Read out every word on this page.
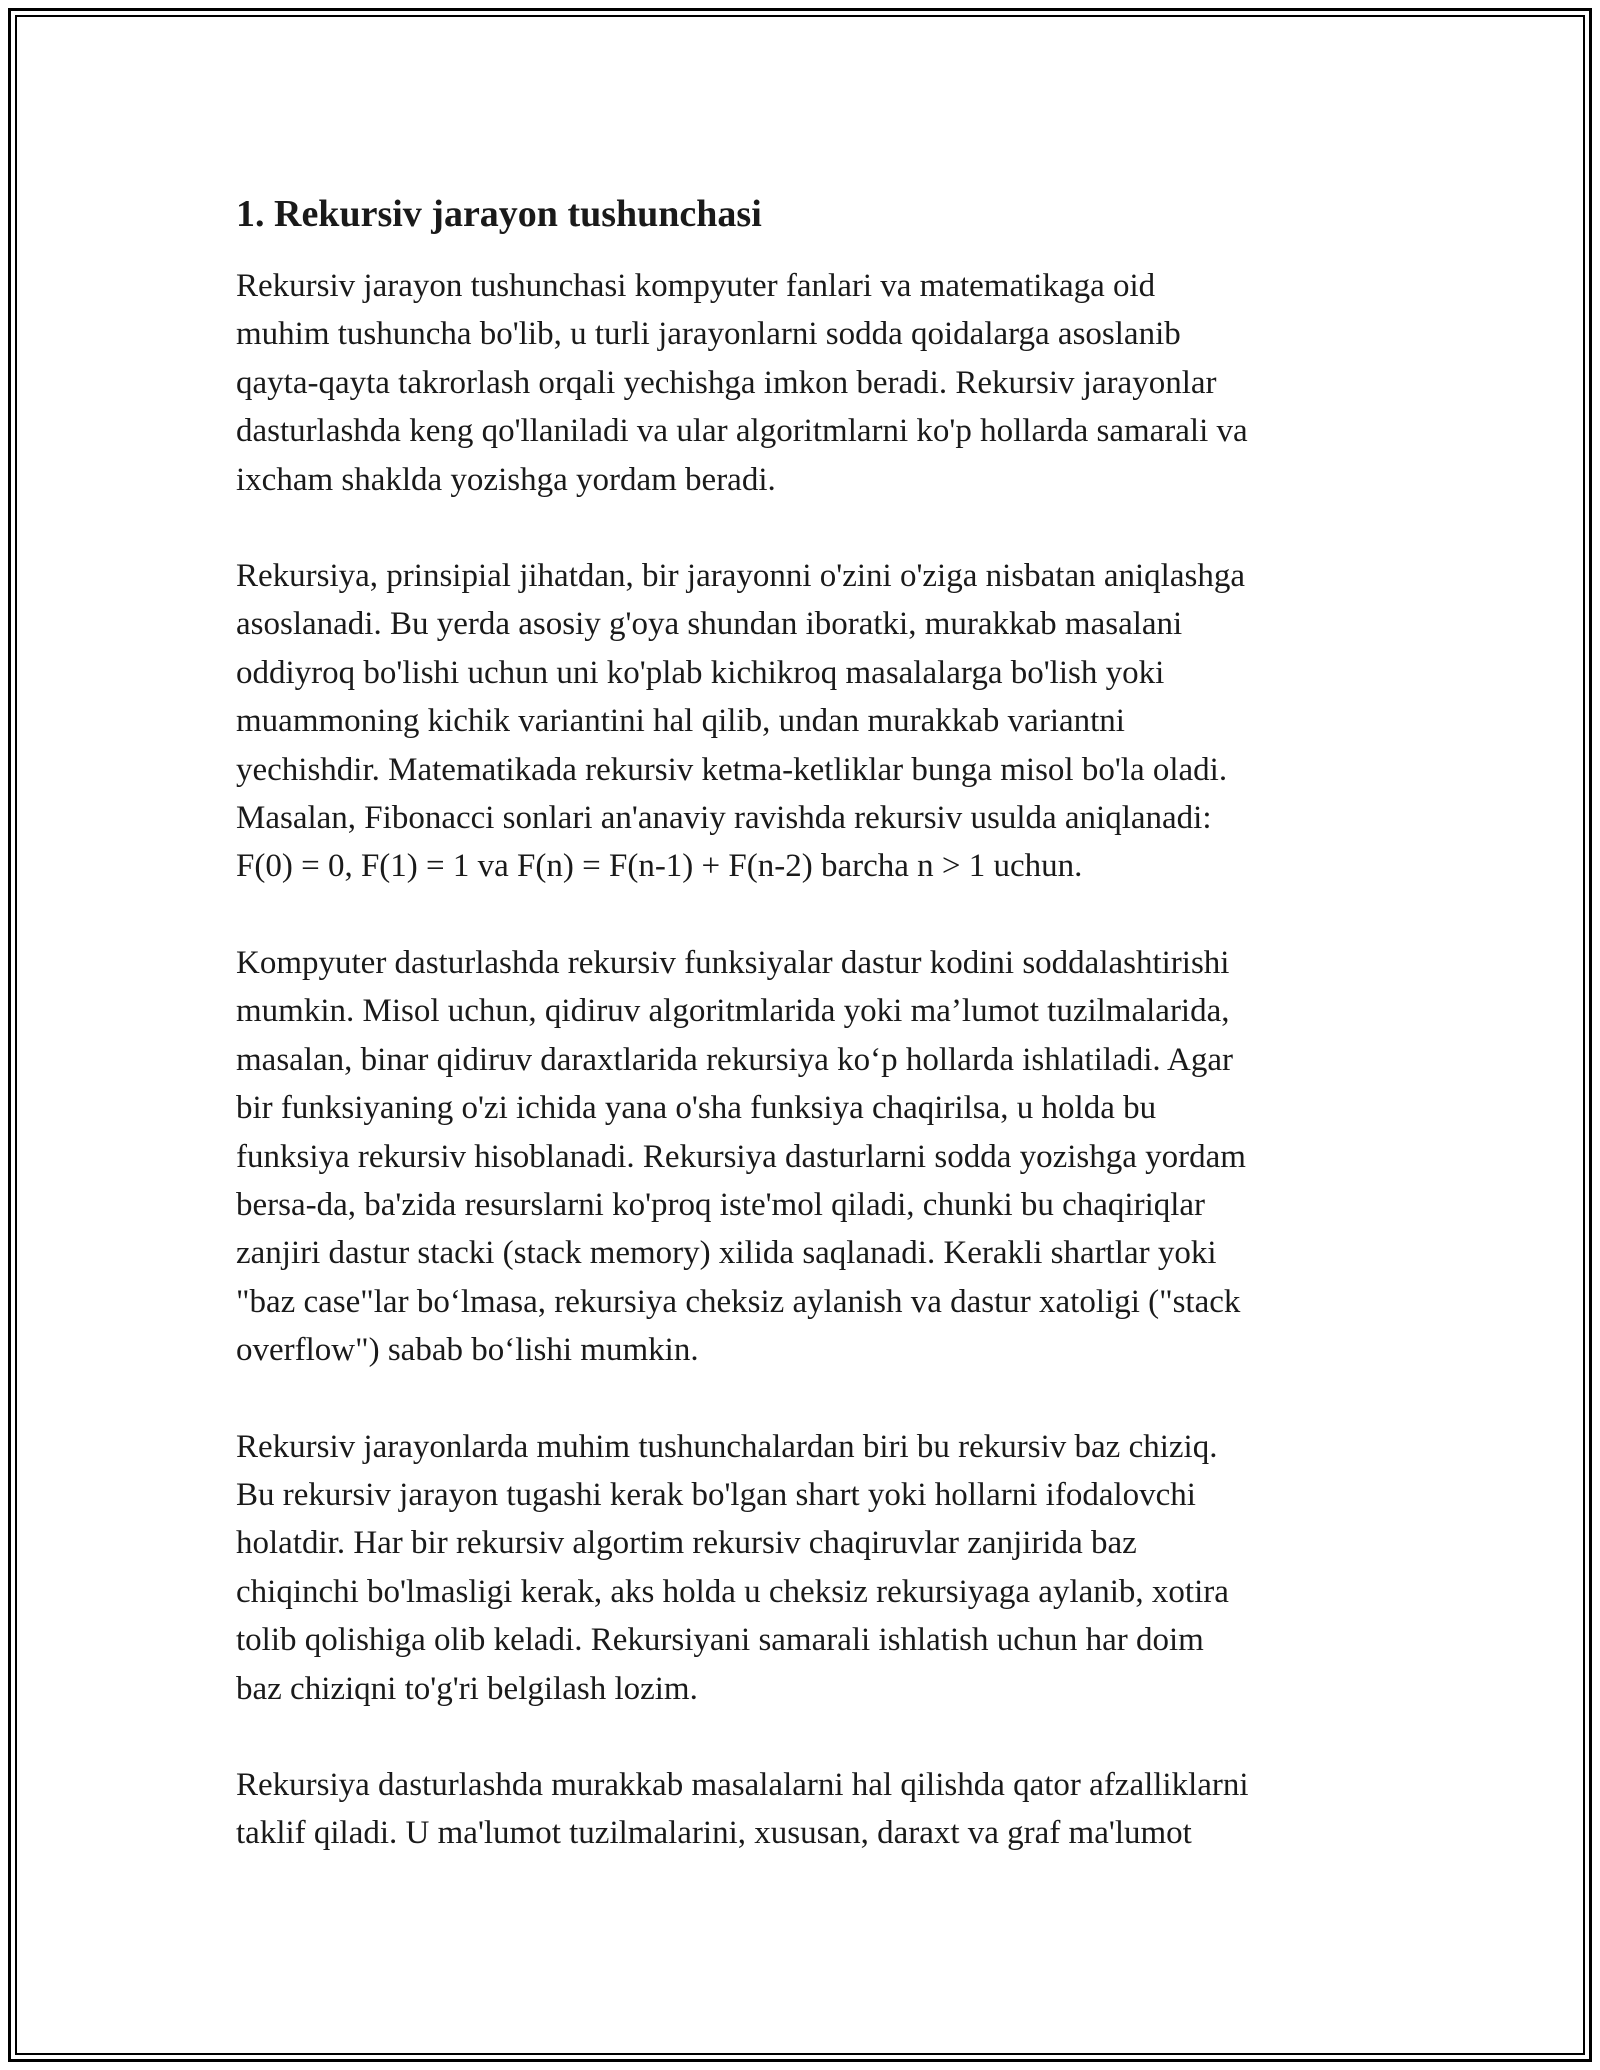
1. Rekursiv jarayon tushunchasi

Rekursiv jarayon tushunchasi kompyuter fanlari va matematikaga oid
muhim tushuncha bo'lib, u turli jarayonlarni sodda qoidalarga asoslanib
qayta-qayta takrorlash orqali yechishga imkon beradi. Rekursiv jarayonlar
dasturlashda keng qo'llaniladi va ular algoritmlarni ko'p hollarda samarali va
ixcham shaklda yozishga yordam beradi.

Rekursiya, prinsipial jihatdan, bir jarayonni o'zini o'ziga nisbatan aniqlashga
asoslanadi. Bu yerda asosiy g'oya shundan iboratki, murakkab masalani
oddiyroq bo'lishi uchun uni ko'plab kichikroq masalalarga bo'lish yoki
muammoning kichik variantini hal qilib, undan murakkab variantni
yechishdir. Matematikada rekursiv ketma-ketliklar bunga misol bo'la oladi.
Masalan, Fibonacci sonlari an'anaviy ravishda rekursiv usulda aniqlanadi:
F(0) = 0, F(1) = 1 va F(n) = F(n-1) + F(n-2) barcha n > 1 uchun.

Kompyuter dasturlashda rekursiv funksiyalar dastur kodini soddalashtirishi
mumkin. Misol uchun, qidiruv algoritmlarida yoki ma’lumot tuzilmalarida,
masalan, binar qidiruv daraxtlarida rekursiya ko‘p hollarda ishlatiladi. Agar
bir funksiyaning o'zi ichida yana o'sha funksiya chaqirilsa, u holda bu
funksiya rekursiv hisoblanadi. Rekursiya dasturlarni sodda yozishga yordam
bersa-da, ba'zida resurslarni ko'proq iste'mol qiladi, chunki bu chaqiriqlar
zanjiri dastur stacki (stack memory) xilida saqlanadi. Kerakli shartlar yoki
"baz case"lar bo‘lmasa, rekursiya cheksiz aylanish va dastur xatoligi ("stack
overflow") sabab bo‘lishi mumkin.

Rekursiv jarayonlarda muhim tushunchalardan biri bu rekursiv baz chiziq.
Bu rekursiv jarayon tugashi kerak bo'lgan shart yoki hollarni ifodalovchi
holatdir. Har bir rekursiv algortim rekursiv chaqiruvlar zanjirida baz
chiqinchi bo'lmasligi kerak, aks holda u cheksiz rekursiyaga aylanib, xotira
tolib qolishiga olib keladi. Rekursiyani samarali ishlatish uchun har doim
baz chiziqni to'g'ri belgilash lozim.

Rekursiya dasturlashda murakkab masalalarni hal qilishda qator afzalliklarni
taklif qiladi. U ma'lumot tuzilmalarini, xususan, daraxt va graf ma'lumot
